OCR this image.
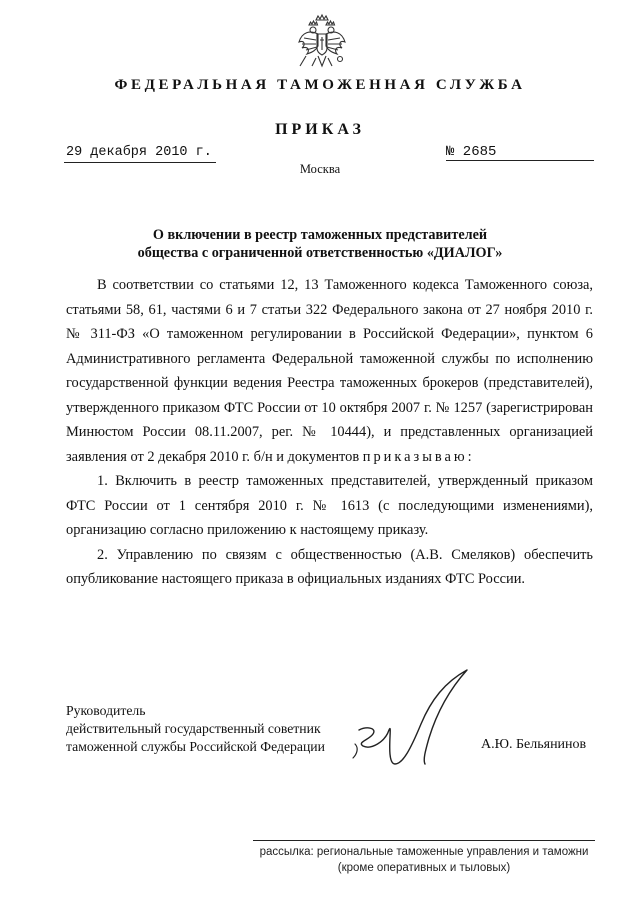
ФЕДЕРАЛЬНАЯ ТАМОЖЕННАЯ СЛУЖБА
ПРИКАЗ
29 декабря 2010 г.	№ 2685
Москва
О включении в реестр таможенных представителей
общества с ограниченной ответственностью «ДИАЛОГ»

В соответствии со статьями 12, 13 Таможенного кодекса Таможенного союза, статьями 58, 61, частями 6 и 7 статьи 322 Федерального закона от 27 ноября 2010 г. № 311-ФЗ «О таможенном регулировании в Российской Федерации», пунктом 6 Административного регламента Федеральной таможенной службы по исполнению государственной функции ведения Реестра таможенных брокеров (представителей), утвержденного приказом ФТС России от 10 октября 2007 г. № 1257 (зарегистрирован Минюстом России 08.11.2007, рег. № 10444), и представленных организацией заявления от 2 декабря 2010 г. б/н и документов приказываю:

1. Включить в реестр таможенных представителей, утвержденный приказом ФТС России от 1 сентября 2010 г. № 1613 (с последующими изменениями), организацию согласно приложению к настоящему приказу.

2. Управлению по связям с общественностью (А.В. Смеляков) обеспечить опубликование настоящего приказа в официальных изданиях ФТС России.

Руководитель
действительный государственный советник
таможенной службы Российской Федерации	А.Ю. Бельянинов
рассылка: региональные таможенные управления и таможни
(кроме оперативных и тыловых)
